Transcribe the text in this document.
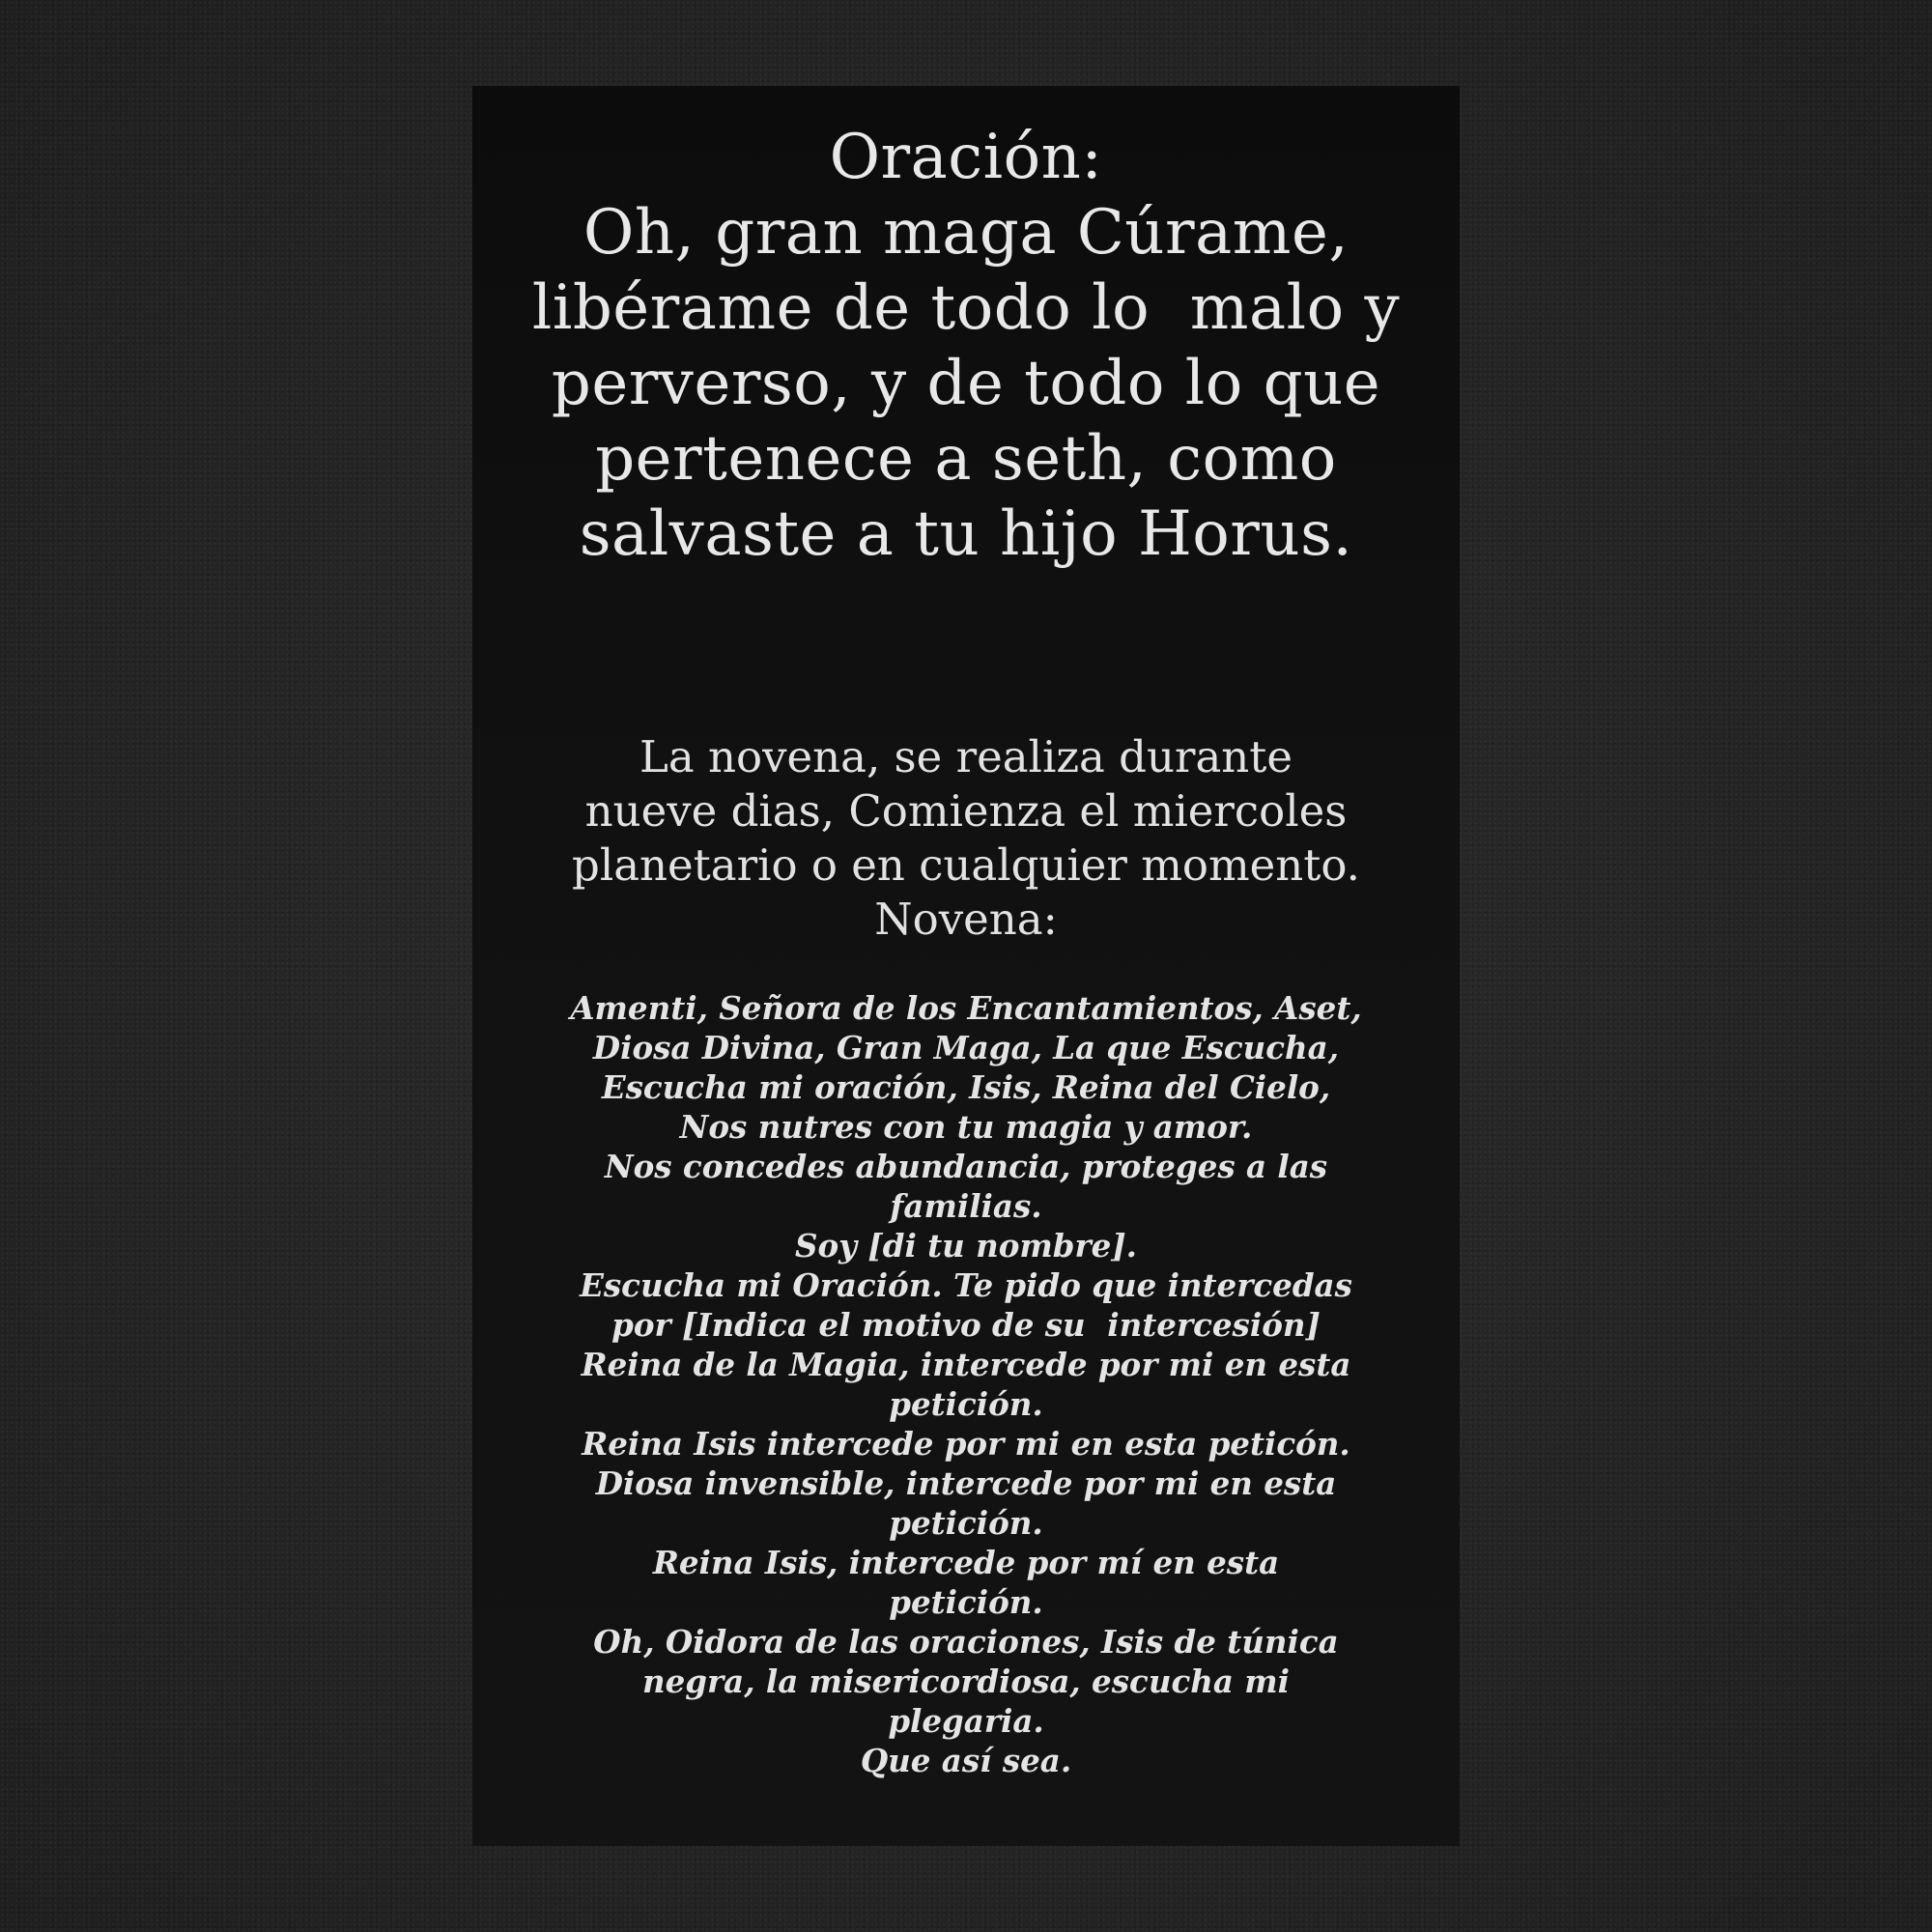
Oración:
Oh, gran maga Cúrame,
libérame de todo lo  malo y
perverso, y de todo lo que
pertenece a seth, como
salvaste a tu hijo Horus.
La novena, se realiza durante
nueve dias, Comienza el miercoles
planetario o en cualquier momento.
Novena:
Amenti, Señora de los Encantamientos, Aset,
Diosa Divina, Gran Maga, La que Escucha,
Escucha mi oración, Isis, Reina del Cielo,
Nos nutres con tu magia y amor.
Nos concedes abundancia, proteges a las
familias.
Soy [di tu nombre].
Escucha mi Oración. Te pido que intercedas
por [Indica el motivo de su  intercesión]
Reina de la Magia, intercede por mi en esta
petición.
Reina Isis intercede por mi en esta peticón.
Diosa invensible, intercede por mi en esta
petición.
Reina Isis, intercede por mí en esta
petición.
Oh, Oidora de las oraciones, Isis de túnica
negra, la misericordiosa, escucha mi
plegaria.
Que así sea.
